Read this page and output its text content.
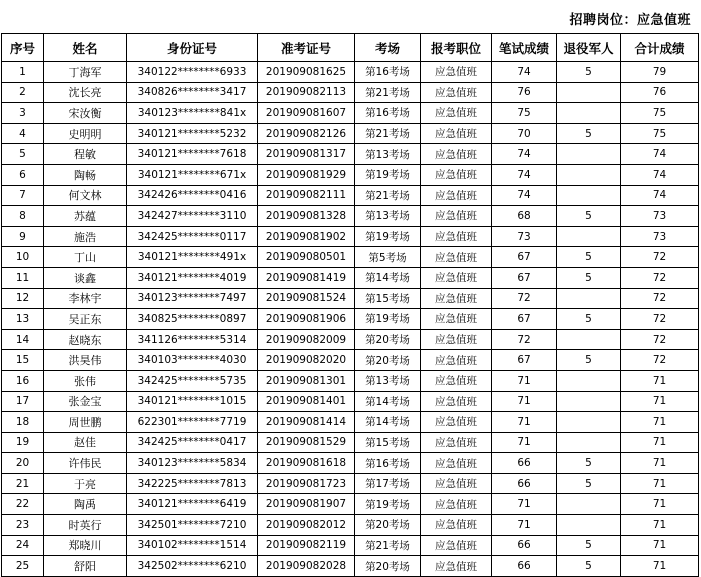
招聘岗位：应急值班
序号	姓名	身份证号	准考证号	考场	报考职位	笔试成绩	退役军人	合计成绩
1	丁海军	340122********6933	201909081625	第16考场	应急值班	74	5	79
2	沈长亮	340826********3417	201909082113	第21考场	应急值班	76		76
3	宋汝衡	340123********841x	201909081607	第16考场	应急值班	75		75
4	史明明	340121********5232	201909082126	第21考场	应急值班	70	5	75
5	程敏	340121********7618	201909081317	第13考场	应急值班	74		74
6	陶畅	340121********671x	201909081929	第19考场	应急值班	74		74
7	何文林	342426********0416	201909082111	第21考场	应急值班	74		74
8	苏蕴	342427********3110	201909081328	第13考场	应急值班	68	5	73
9	施浩	342425********0117	201909081902	第19考场	应急值班	73		73
10	丁山	340121********491x	201909080501	第5考场	应急值班	67	5	72
11	谈鑫	340121********4019	201909081419	第14考场	应急值班	67	5	72
12	李林宇	340123********7497	201909081524	第15考场	应急值班	72		72
13	吴正东	340825********0897	201909081906	第19考场	应急值班	67	5	72
14	赵晓东	341126********5314	201909082009	第20考场	应急值班	72		72
15	洪昊伟	340103********4030	201909082020	第20考场	应急值班	67	5	72
16	张伟	342425********5735	201909081301	第13考场	应急值班	71		71
17	张金宝	340121********1015	201909081401	第14考场	应急值班	71		71
18	周世鹏	622301********7719	201909081414	第14考场	应急值班	71		71
19	赵佳	342425********0417	201909081529	第15考场	应急值班	71		71
20	许伟民	340123********5834	201909081618	第16考场	应急值班	66	5	71
21	于亮	342225********7813	201909081723	第17考场	应急值班	66	5	71
22	陶禹	340121********6419	201909081907	第19考场	应急值班	71		71
23	时英行	342501********7210	201909082012	第20考场	应急值班	71		71
24	郑晓川	340102********1514	201909082119	第21考场	应急值班	66	5	71
25	舒阳	342502********6210	201909082028	第20考场	应急值班	66	5	71
